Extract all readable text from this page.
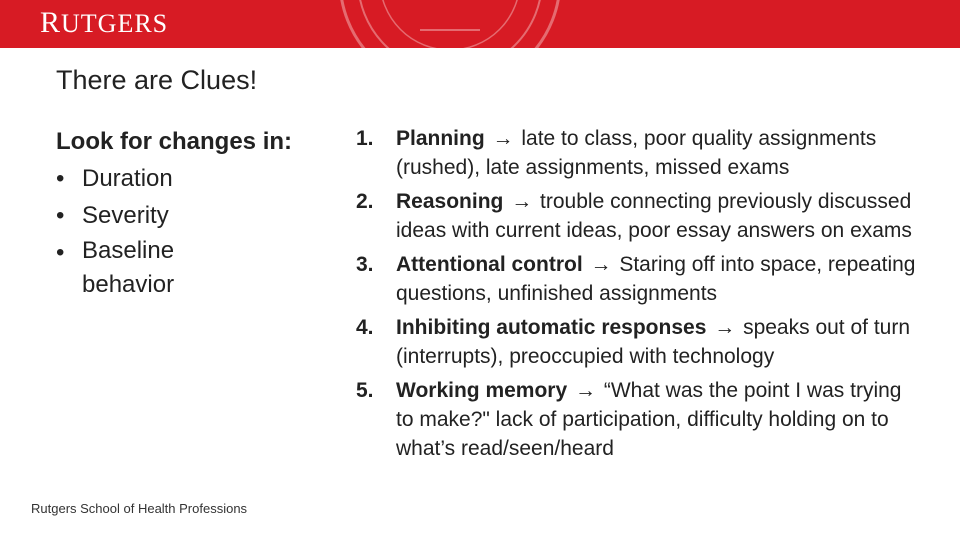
RUTGERS
There are Clues!
Look for changes in:
• Duration
• Severity
• Baseline behavior
1. Planning → late to class, poor quality assignments (rushed), late assignments, missed exams
2. Reasoning → trouble connecting previously discussed ideas with current ideas, poor essay answers on exams
3. Attentional control → Staring off into space, repeating questions, unfinished assignments
4. Inhibiting automatic responses → speaks out of turn (interrupts), preoccupied with technology
5. Working memory → “What was the point I was trying to make?" lack of participation, difficulty holding on to what’s read/seen/heard
Rutgers School of Health Professions
